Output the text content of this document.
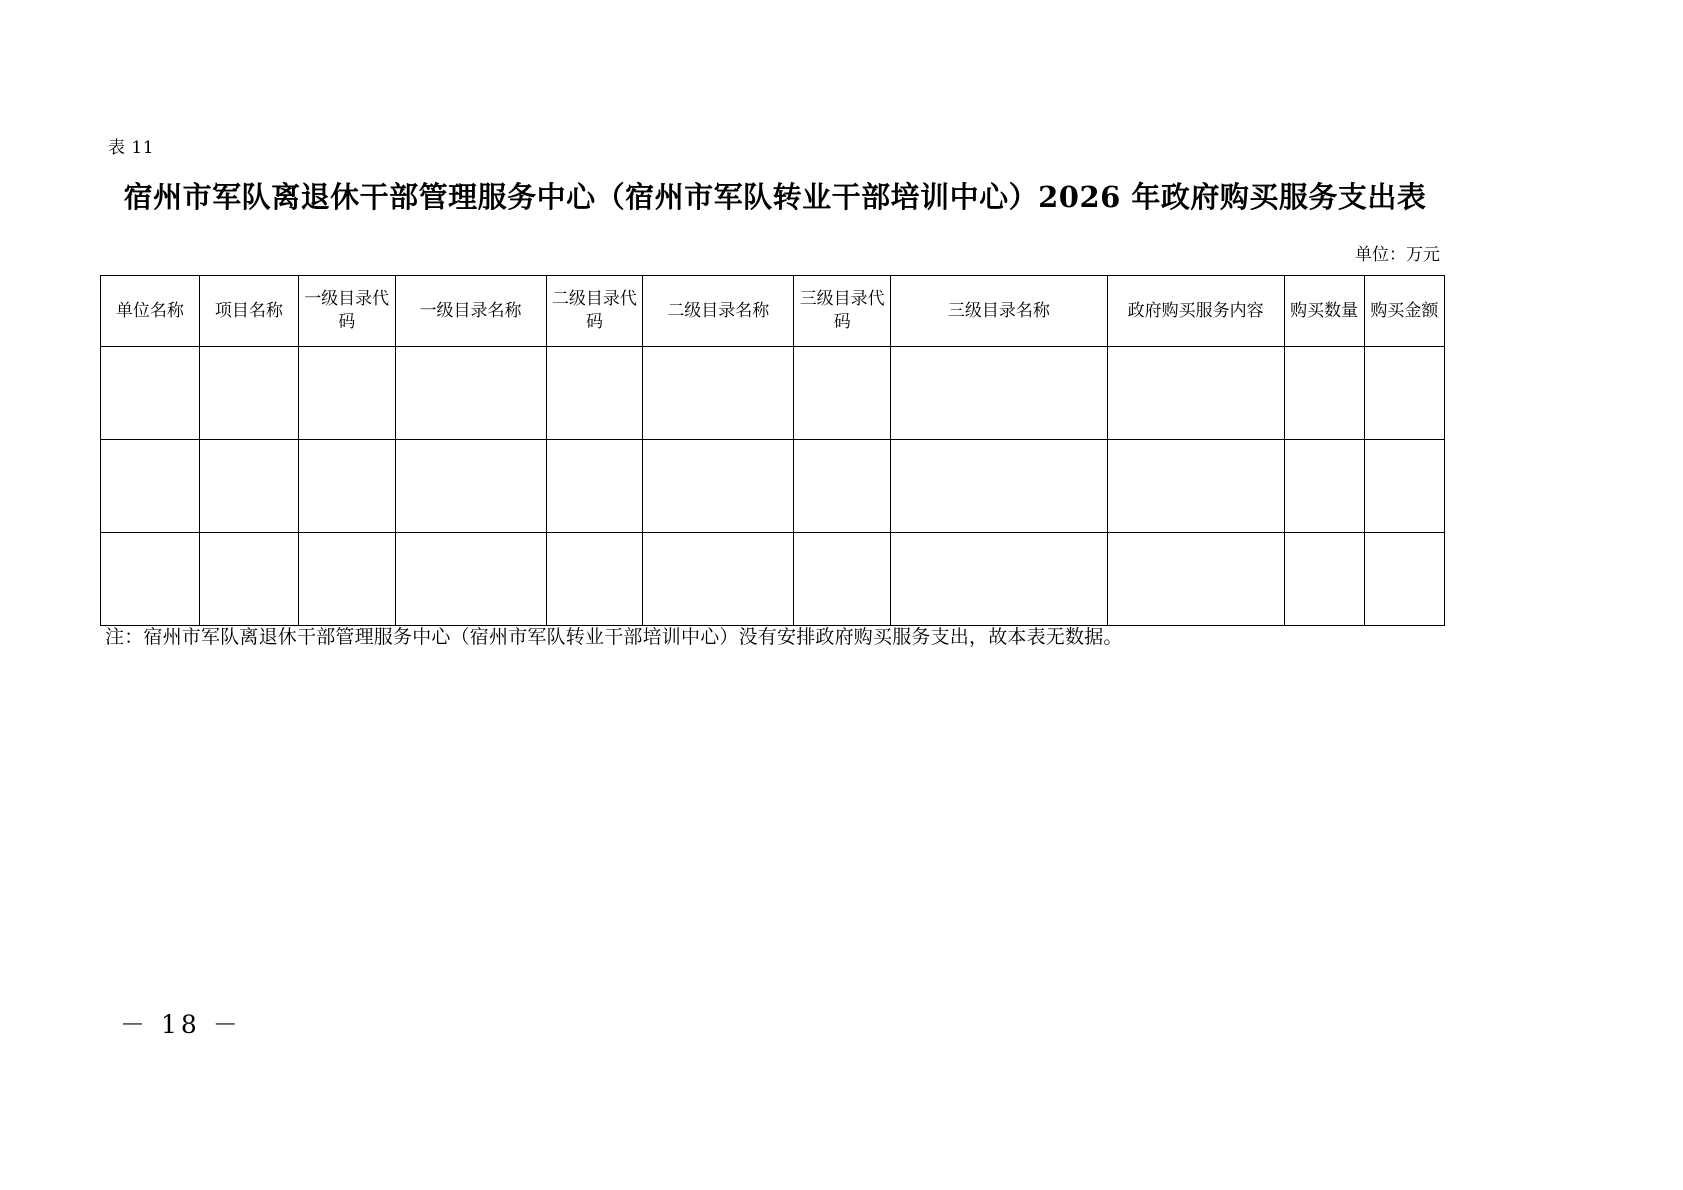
表 11
宿州市军队离退休干部管理服务中心（宿州市军队转业干部培训中心）2026 年政府购买服务支出表
单位：万元
单位名称	项目名称	一级目录代码	一级目录名称	二级目录代码	二级目录名称	三级目录代码	三级目录名称	政府购买服务内容	购买数量	购买金额

注：宿州市军队离退休干部管理服务中心（宿州市军队转业干部培训中心）没有安排政府购买服务支出，故本表无数据。
－ 18 －
